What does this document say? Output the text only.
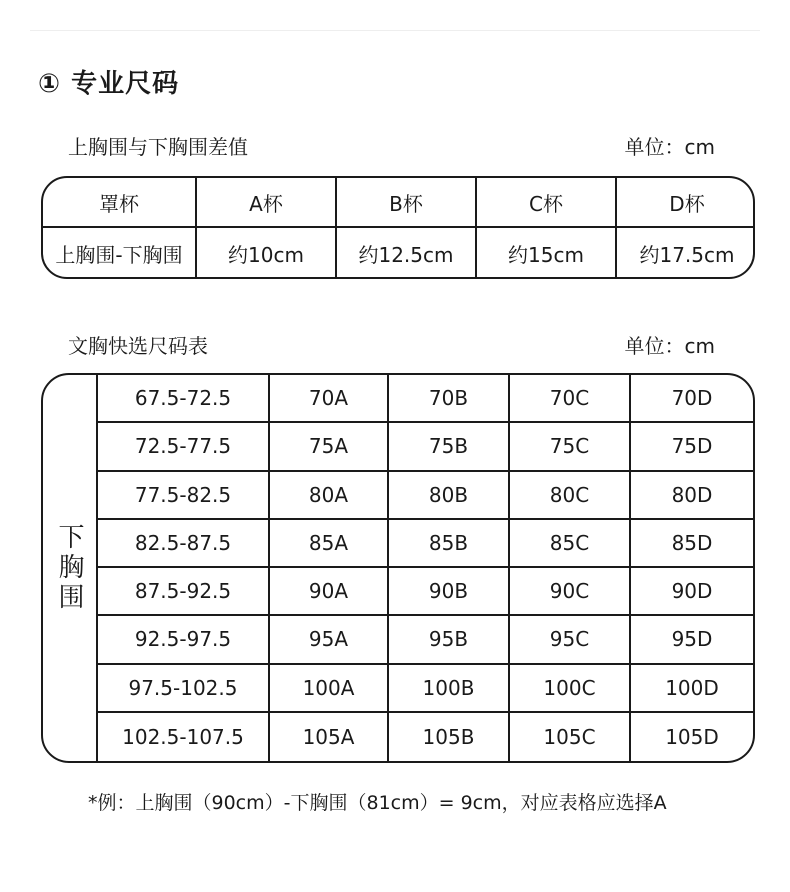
① 专业尺码
上胸围与下胸围差值	单位：cm
罩杯	A杯	B杯	C杯	D杯
上胸围-下胸围	约10cm	约12.5cm	约15cm	约17.5cm
文胸快选尺码表	单位：cm
下胸围
67.5-72.5	70A	70B	70C	70D
72.5-77.5	75A	75B	75C	75D
77.5-82.5	80A	80B	80C	80D
82.5-87.5	85A	85B	85C	85D
87.5-92.5	90A	90B	90C	90D
92.5-97.5	95A	95B	95C	95D
97.5-102.5	100A	100B	100C	100D
102.5-107.5	105A	105B	105C	105D
*例：上胸围（90cm）-下胸围（81cm）= 9cm，对应表格应选择A
